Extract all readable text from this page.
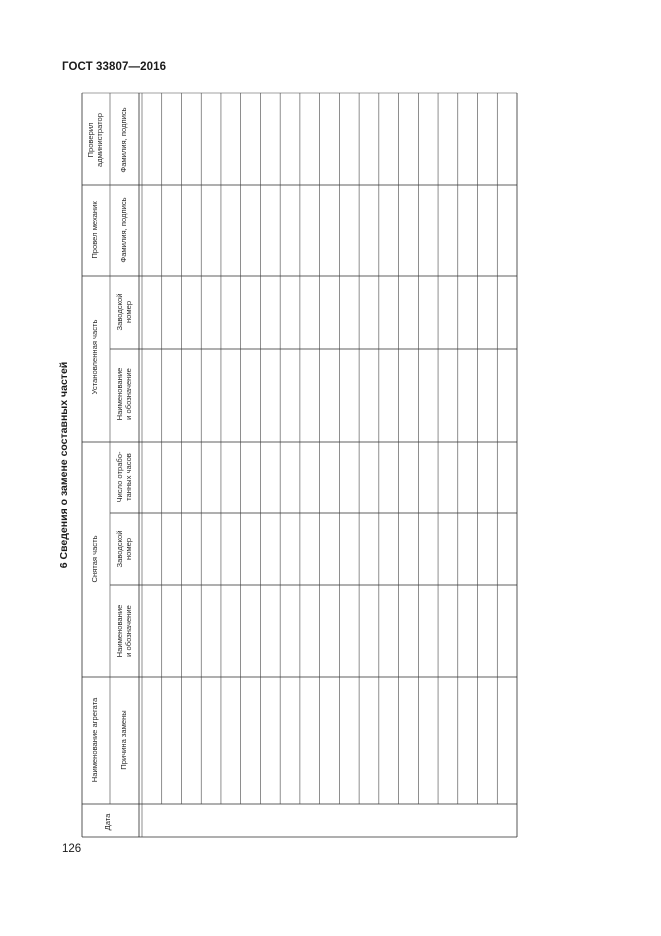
ГОСТ 33807—2016
6 Сведения о замене составных частей
Дата
Наименование агрегата	Причина замены
Снятая часть
Наименование и обозначение
Заводской номер
Число отрабо- танных часов
Установленная часть Наименование и обозначение
Заводской номер
Провел механик	Фамилия, подпись
Проверил администратор Фамилия, подпись
126
